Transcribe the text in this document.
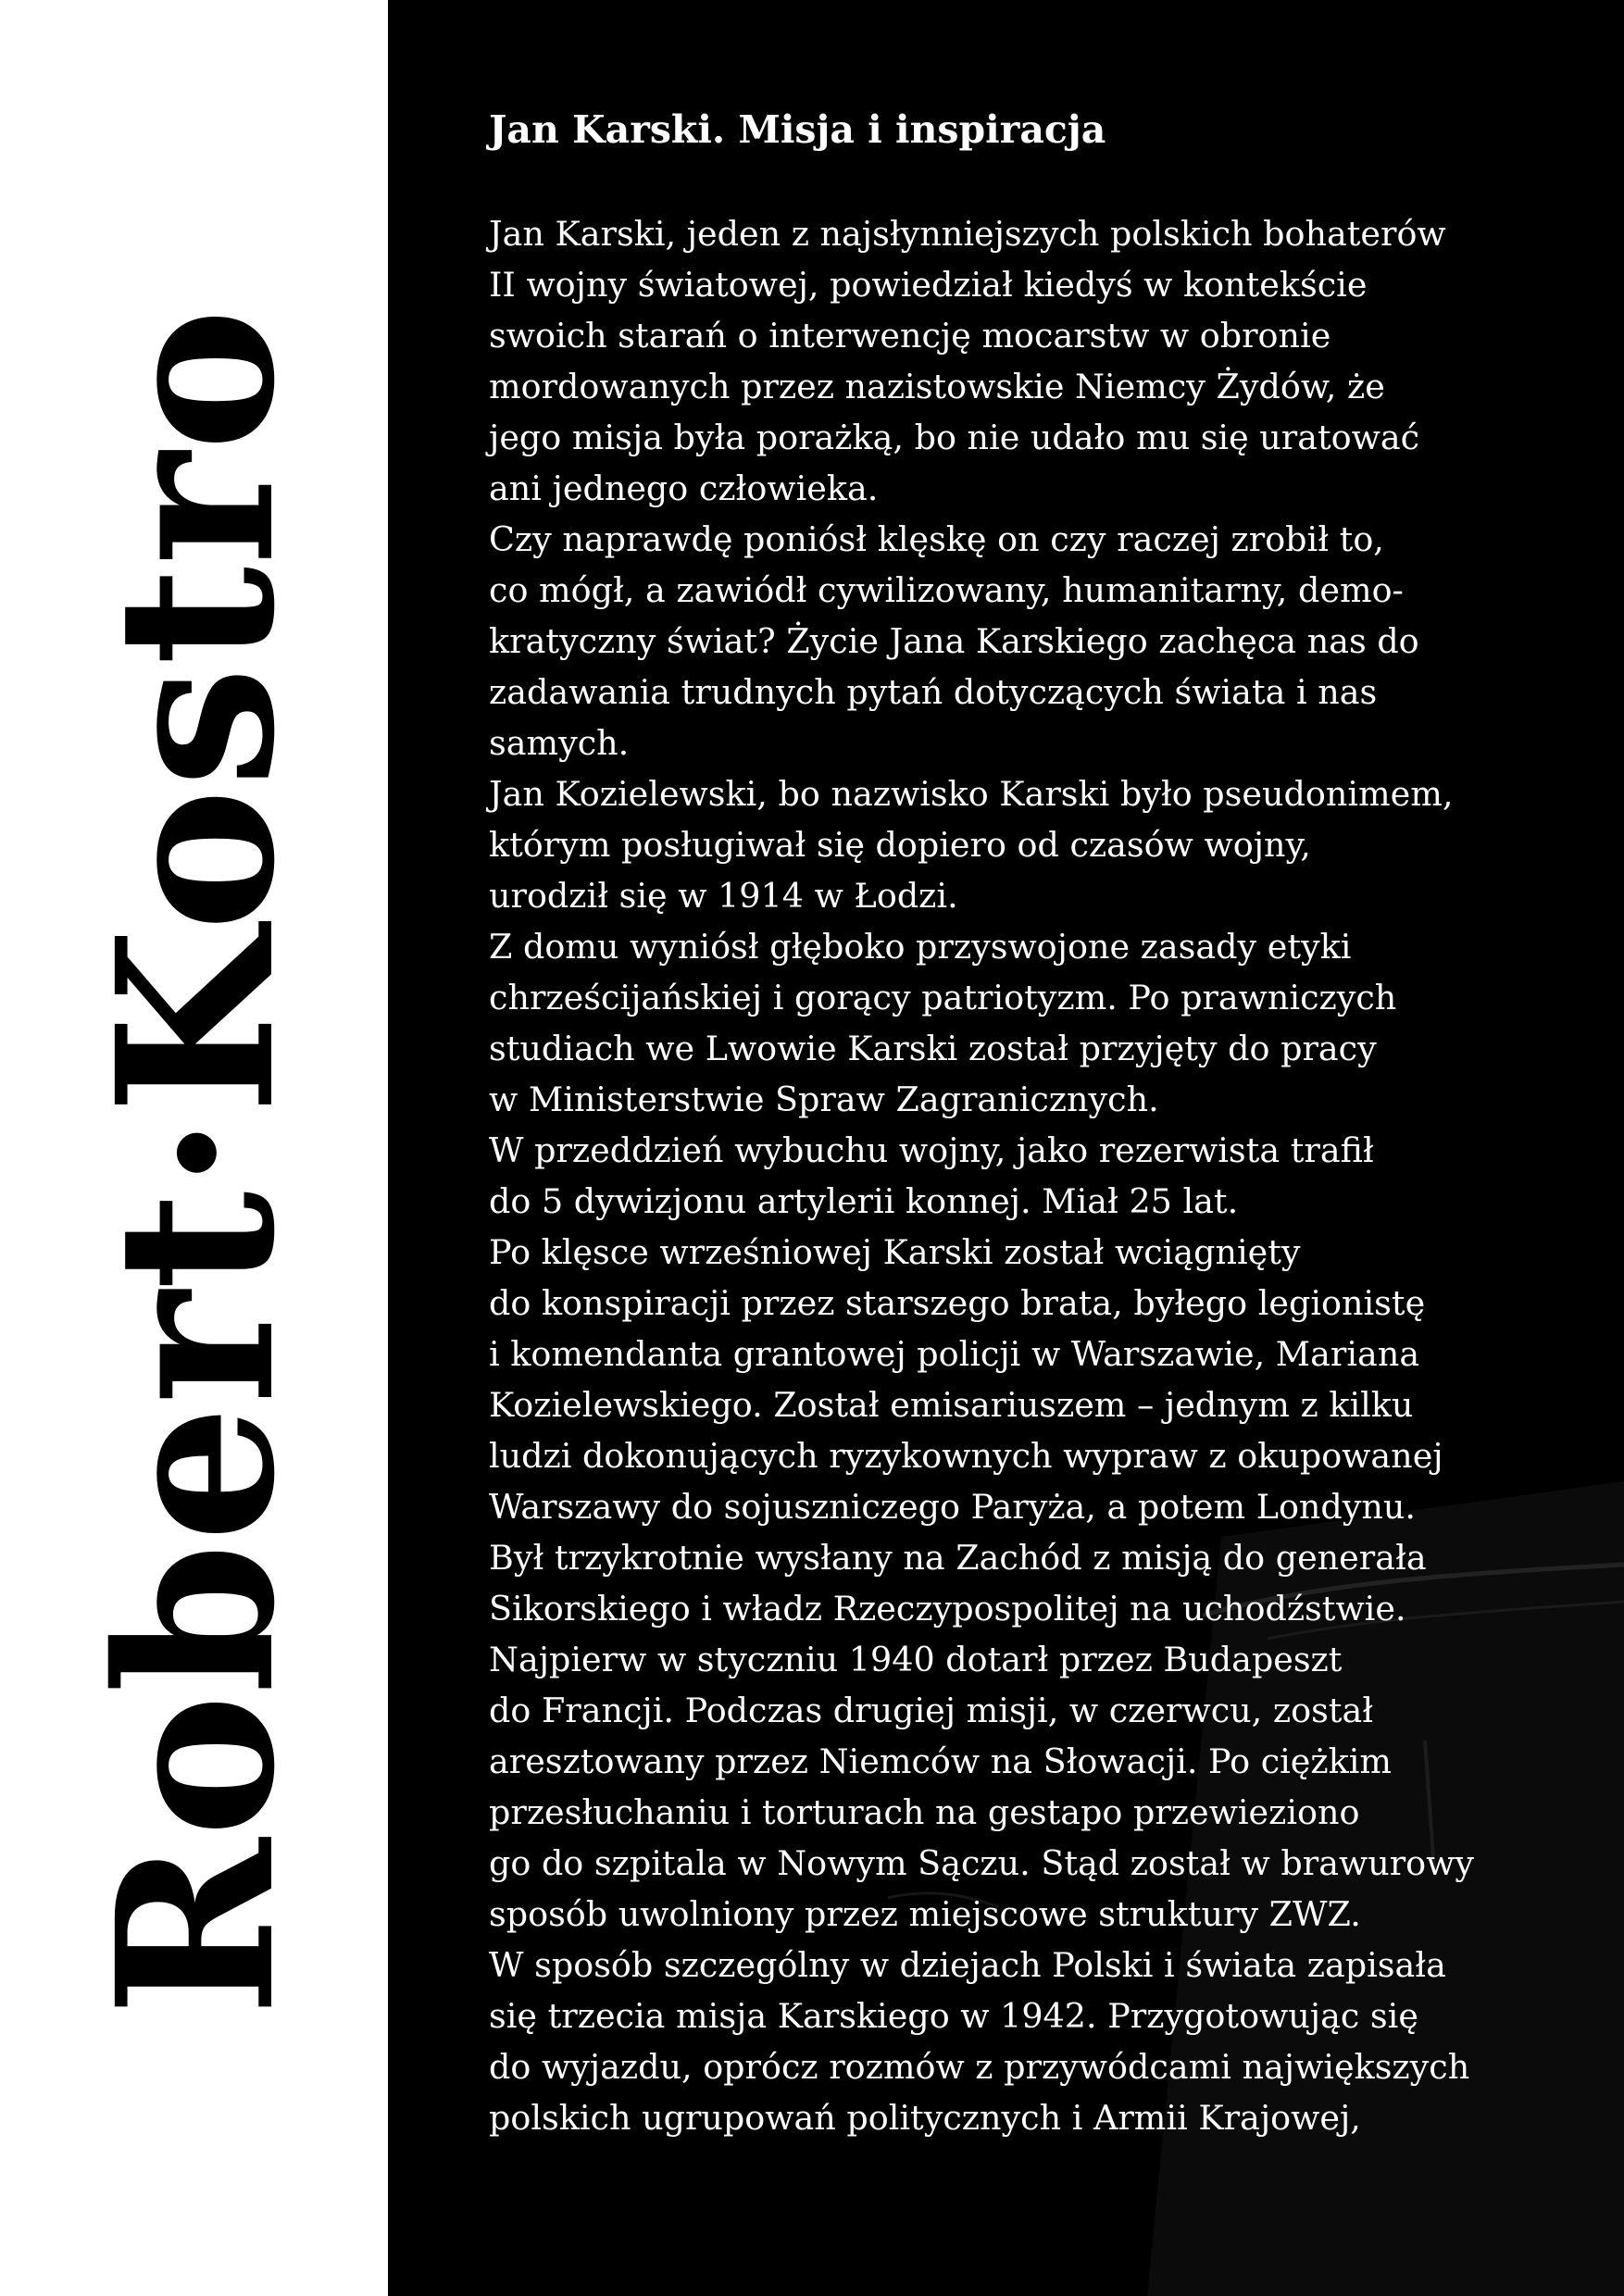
Robert
·
Kostro
Jan Karski. Misja i inspiracja
Jan Karski, jeden z najsłynniejszych polskich bohaterów
II wojny światowej, powiedział kiedyś w kontekście
swoich starań o interwencję mocarstw w obronie
mordowanych przez nazistowskie Niemcy Żydów, że
jego misja była porażką, bo nie udało mu się uratować
ani jednego człowieka.
Czy naprawdę poniósł klęskę on czy raczej zrobił to,
co mógł, a zawiódł cywilizowany, humanitarny, demo-
kratyczny świat? Życie Jana Karskiego zachęca nas do
zadawania trudnych pytań dotyczących świata i nas
samych.
Jan Kozielewski, bo nazwisko Karski było pseudonimem,
którym posługiwał się dopiero od czasów wojny,
urodził się w 1914 w Łodzi.
Z domu wyniósł głęboko przyswojone zasady etyki
chrześcijańskiej i gorący patriotyzm. Po prawniczych
studiach we Lwowie Karski został przyjęty do pracy
w Ministerstwie Spraw Zagranicznych.
W przeddzień wybuchu wojny, jako rezerwista trafił
do 5 dywizjonu artylerii konnej. Miał 25 lat.
Po klęsce wrześniowej Karski został wciągnięty
do konspiracji przez starszego brata, byłego legionistę
i komendanta grantowej policji w Warszawie, Mariana
Kozielewskiego. Został emisariuszem – jednym z kilku
ludzi dokonujących ryzykownych wypraw z okupowanej
Warszawy do sojuszniczego Paryża, a potem Londynu.
Był trzykrotnie wysłany na Zachód z misją do generała
Sikorskiego i władz Rzeczypospolitej na uchodźstwie.
Najpierw w styczniu 1940 dotarł przez Budapeszt
do Francji. Podczas drugiej misji, w czerwcu, został
aresztowany przez Niemców na Słowacji. Po ciężkim
przesłuchaniu i torturach na gestapo przewieziono
go do szpitala w Nowym Sączu. Stąd został w brawurowy
sposób uwolniony przez miejscowe struktury ZWZ.
W sposób szczególny w dziejach Polski i świata zapisała
się trzecia misja Karskiego w 1942. Przygotowując się
do wyjazdu, oprócz rozmów z przywódcami największych
polskich ugrupowań politycznych i Armii Krajowej,
